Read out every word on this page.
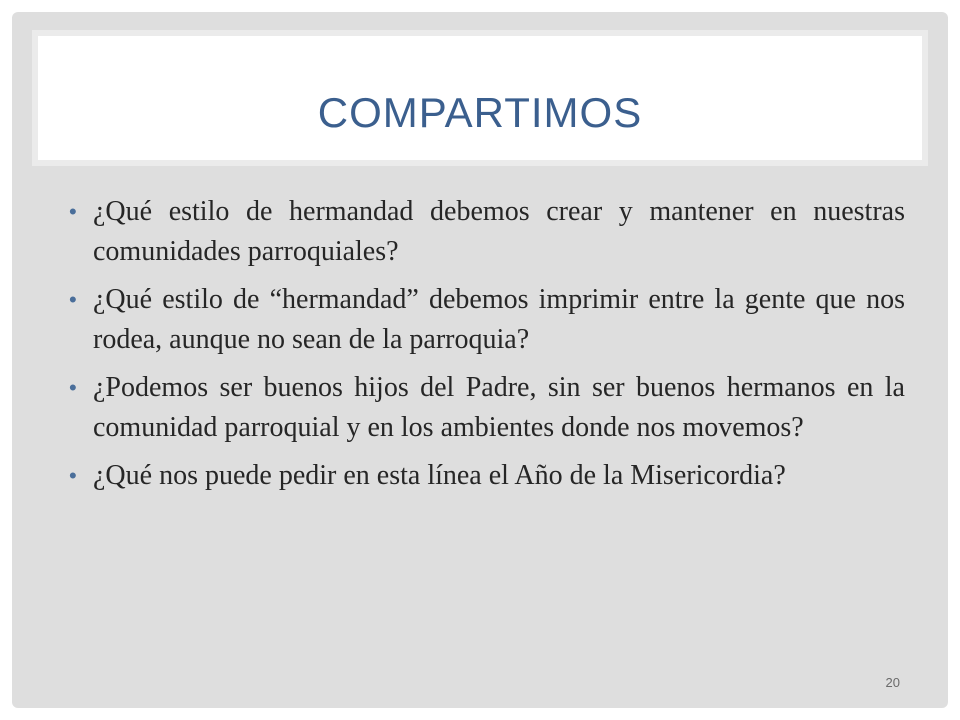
COMPARTIMOS
• ¿Qué estilo de hermandad debemos crear y mantener en nuestras comunidades parroquiales?
• ¿Qué estilo de “hermandad” debemos imprimir entre la gente que nos rodea, aunque no sean de la parroquia?
• ¿Podemos ser buenos hijos del Padre, sin ser buenos hermanos en la comunidad parroquial y en los ambientes donde nos movemos?
• ¿Qué nos puede pedir en esta línea el Año de la Misericordia?
20
